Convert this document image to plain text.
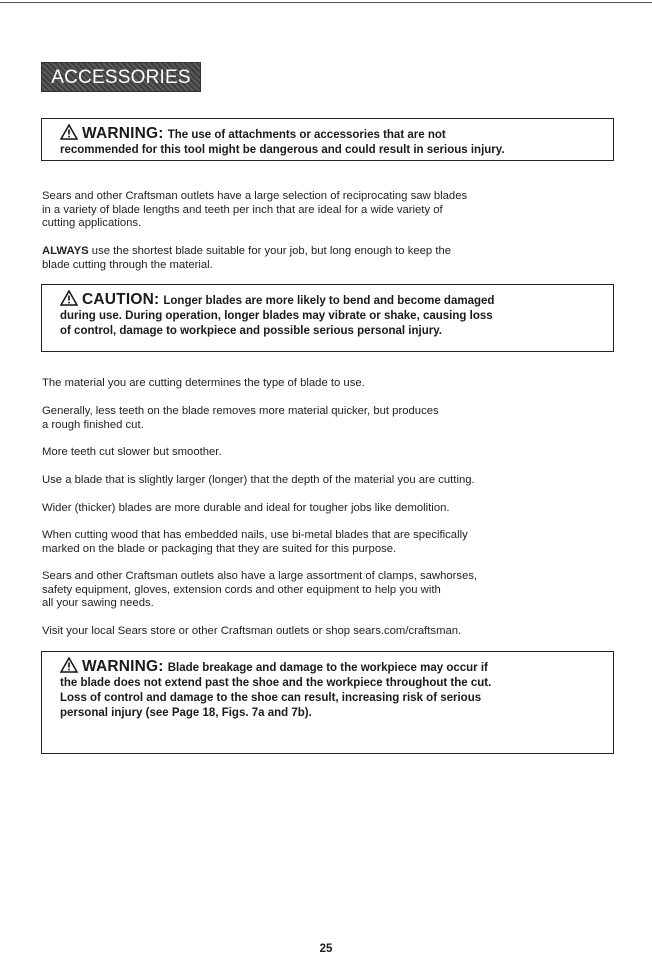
ACCESSORIES
WARNING: The use of attachments or accessories that are not
recommended for this tool might be dangerous and could result in serious injury.
Sears and other Craftsman outlets have a large selection of reciprocating saw blades
in a variety of blade lengths and teeth per inch that are ideal for a wide variety of
cutting applications.
ALWAYS use the shortest blade suitable for your job, but long enough to keep the
blade cutting through the material.
CAUTION: Longer blades are more likely to bend and become damaged
during use. During operation, longer blades may vibrate or shake, causing loss
of control, damage to workpiece and possible serious personal injury.
The material you are cutting determines the type of blade to use.
Generally, less teeth on the blade removes more material quicker, but produces
a rough finished cut.
More teeth cut slower but smoother.
Use a blade that is slightly larger (longer) that the depth of the material you are cutting.
Wider (thicker) blades are more durable and ideal for tougher jobs like demolition.
When cutting wood that has embedded nails, use bi-metal blades that are specifically
marked on the blade or packaging that they are suited for this purpose.
Sears and other Craftsman outlets also have a large assortment of clamps, sawhorses,
safety equipment, gloves, extension cords and other equipment to help you with
all your sawing needs.
Visit your local Sears store or other Craftsman outlets or shop sears.com/craftsman.
WARNING: Blade breakage and damage to the workpiece may occur if
the blade does not extend past the shoe and the workpiece throughout the cut.
Loss of control and damage to the shoe can result, increasing risk of serious
personal injury (see Page 18, Figs. 7a and 7b).
25
